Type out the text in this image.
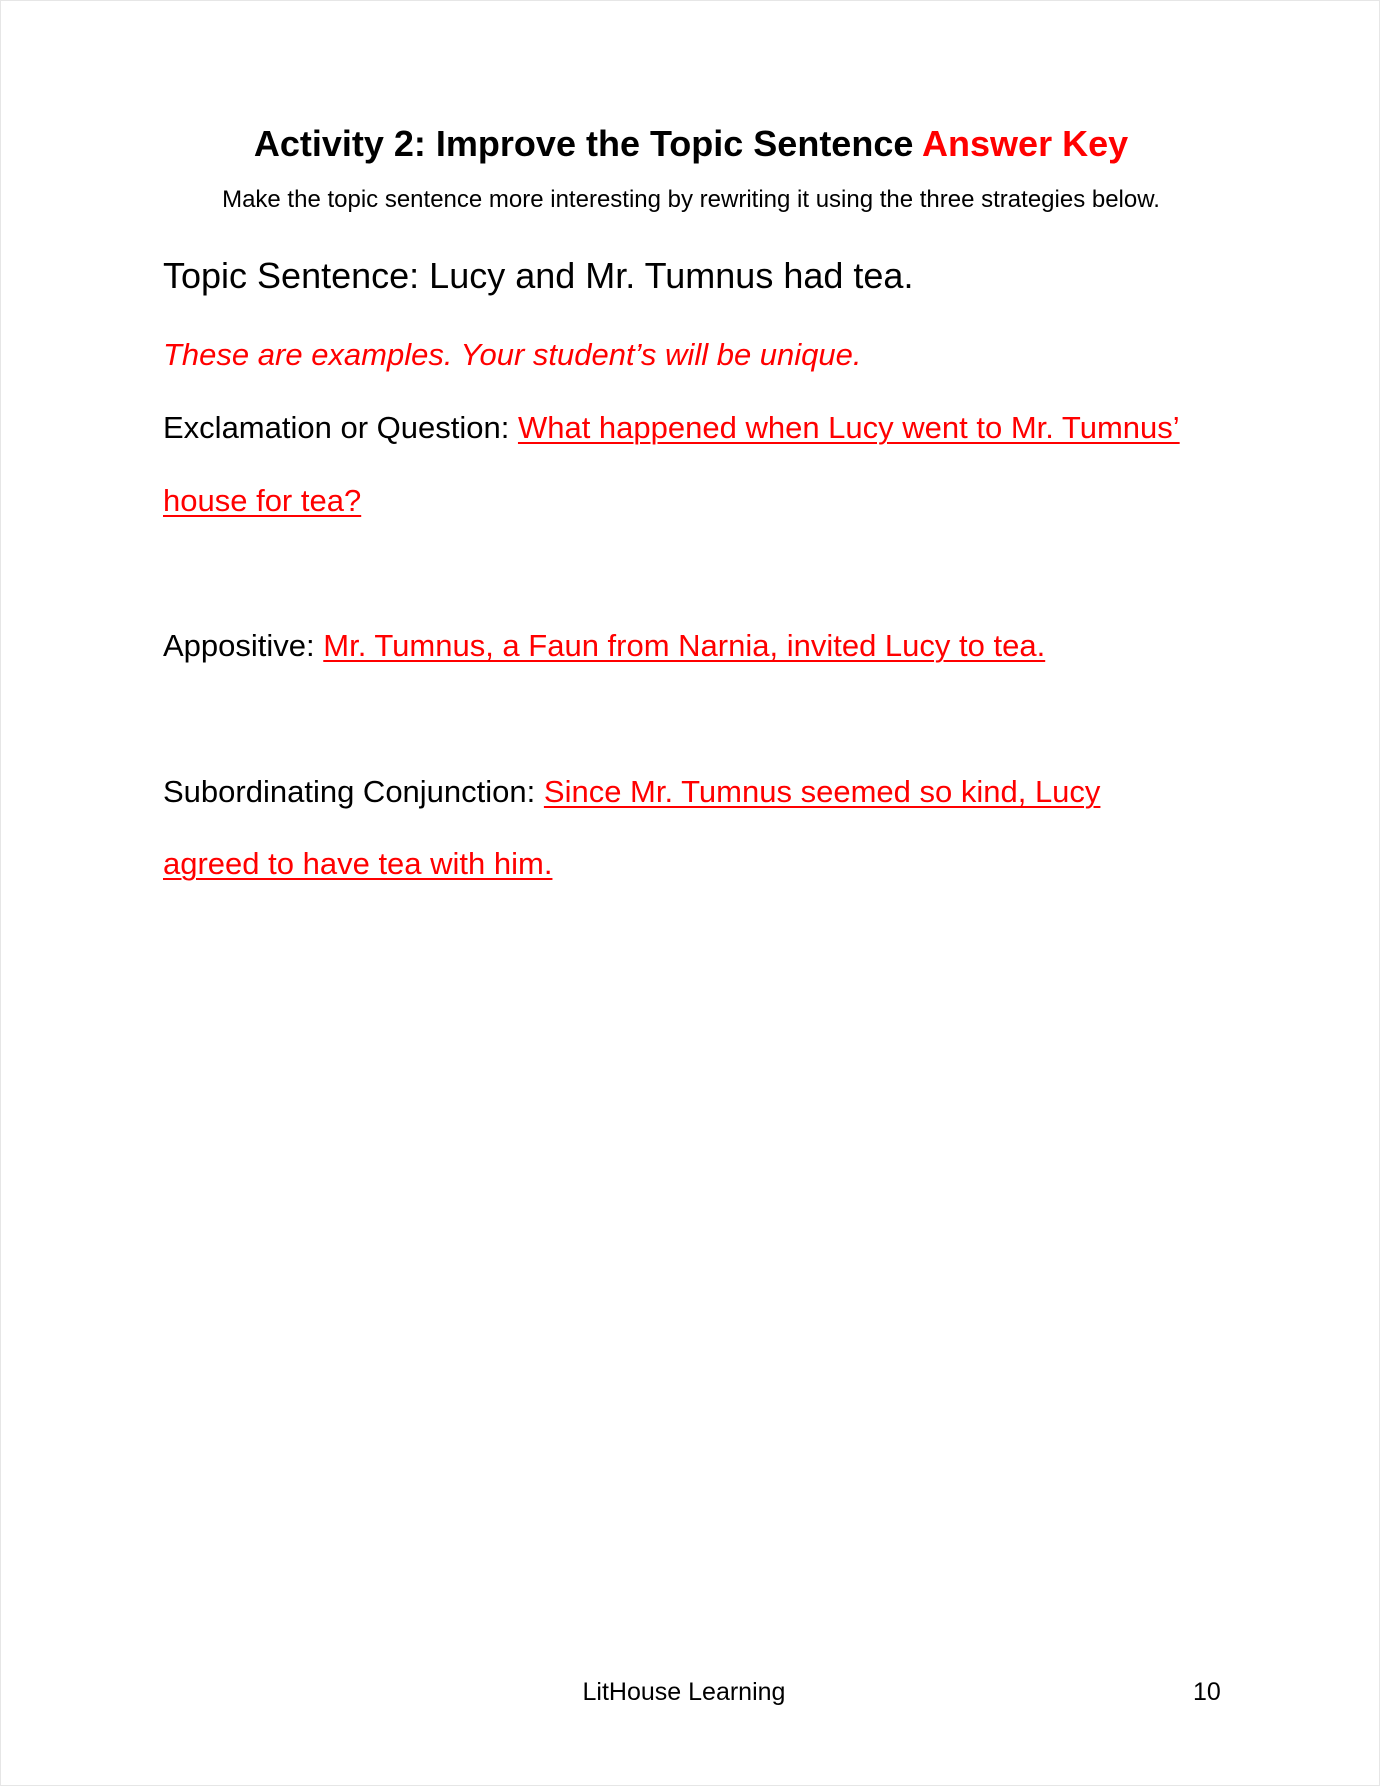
Activity 2: Improve the Topic Sentence Answer Key
Make the topic sentence more interesting by rewriting it using the three strategies below.
Topic Sentence: Lucy and Mr. Tumnus had tea.
These are examples. Your student’s will be unique.
Exclamation or Question: What happened when Lucy went to Mr. Tumnus’
house for tea?
Appositive: Mr. Tumnus, a Faun from Narnia, invited Lucy to tea.
Subordinating Conjunction: Since Mr. Tumnus seemed so kind, Lucy
agreed to have tea with him.
LitHouse Learning	10
